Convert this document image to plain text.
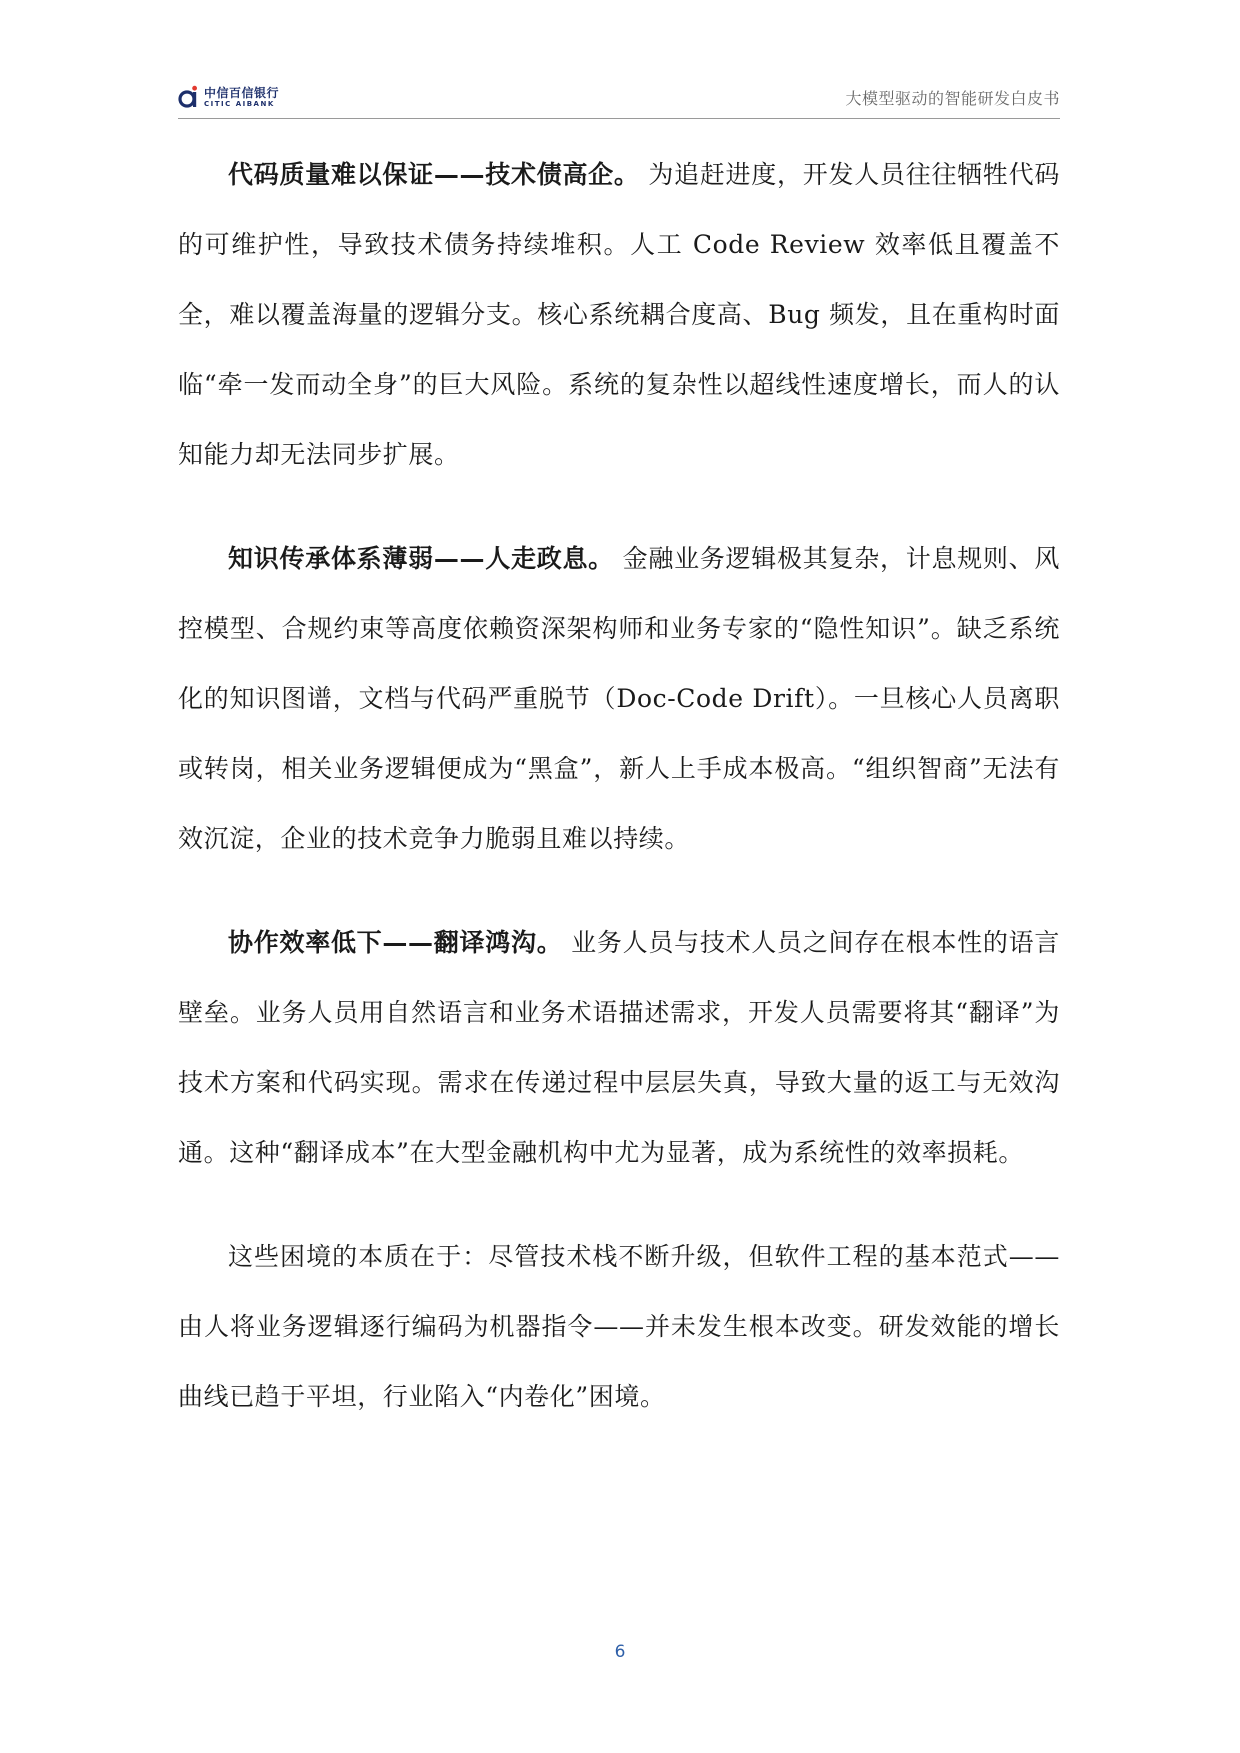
中信百信银行
CITIC AIBANK	大模型驱动的智能研发白皮书

代码质量难以保证——技术债高企。 为追赶进度，开发人员往往牺牲代码的可维护性，导致技术债务持续堆积。人工 Code Review 效率低且覆盖不全，难以覆盖海量的逻辑分支。核心系统耦合度高、Bug 频发，且在重构时面临“牵一发而动全身”的巨大风险。系统的复杂性以超线性速度增长，而人的认知能力却无法同步扩展。

知识传承体系薄弱——人走政息。 金融业务逻辑极其复杂，计息规则、风控模型、合规约束等高度依赖资深架构师和业务专家的“隐性知识”。缺乏系统化的知识图谱，文档与代码严重脱节（Doc-Code Drift）。一旦核心人员离职或转岗，相关业务逻辑便成为“黑盒”，新人上手成本极高。“组织智商”无法有效沉淀，企业的技术竞争力脆弱且难以持续。

协作效率低下——翻译鸿沟。 业务人员与技术人员之间存在根本性的语言壁垒。业务人员用自然语言和业务术语描述需求，开发人员需要将其“翻译”为技术方案和代码实现。需求在传递过程中层层失真，导致大量的返工与无效沟通。这种“翻译成本”在大型金融机构中尤为显著，成为系统性的效率损耗。

这些困境的本质在于：尽管技术栈不断升级，但软件工程的基本范式——由人将业务逻辑逐行编码为机器指令——并未发生根本改变。研发效能的增长曲线已趋于平坦，行业陷入“内卷化”困境。

6
